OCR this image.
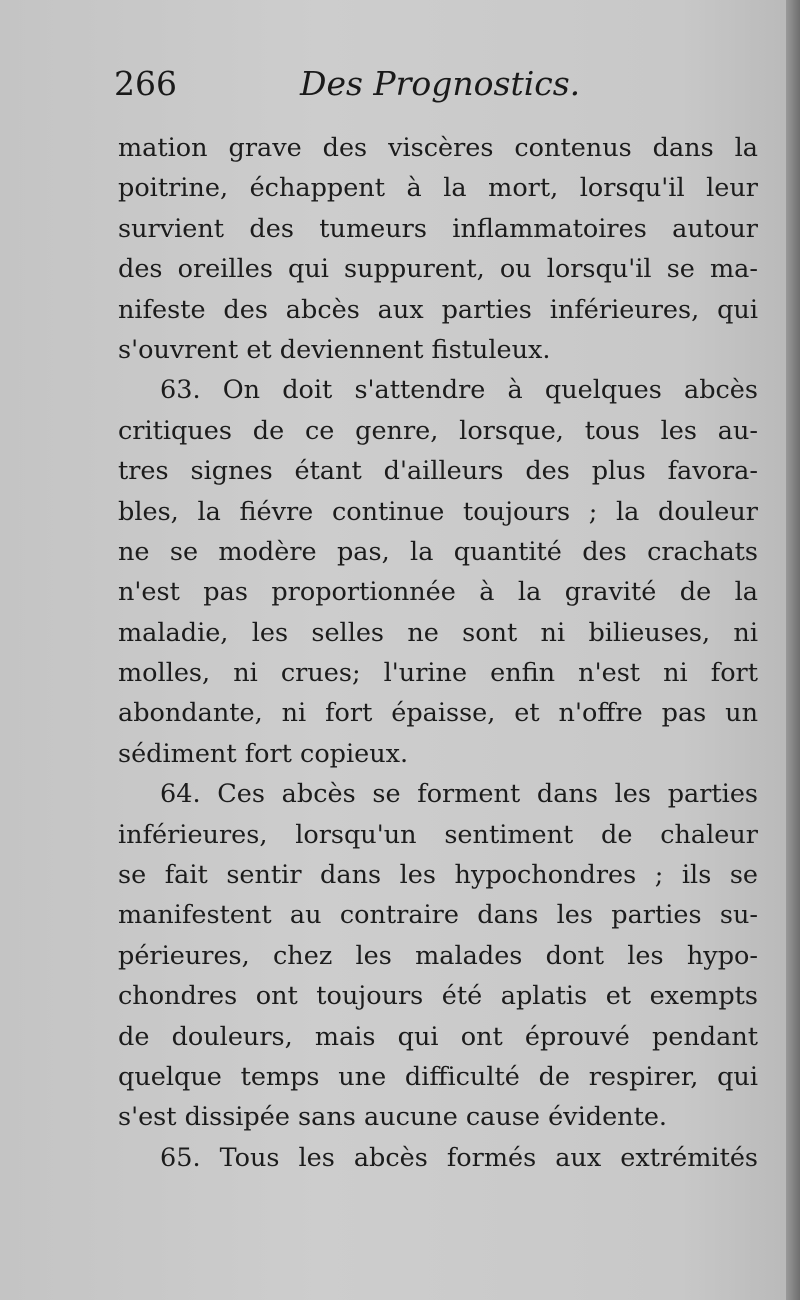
266	Des Prognostics.
mation grave des viscères contenus dans la
poitrine, échappent à la mort, lorsqu'il leur
survient des tumeurs inflammatoires autour
des oreilles qui suppurent, ou lorsqu'il se ma-
nifeste des abcès aux parties inférieures, qui
s'ouvrent et deviennent fistuleux.
63. On doit s'attendre à quelques abcès
critiques de ce genre, lorsque, tous les au-
tres signes étant d'ailleurs des plus favora-
bles, la fiévre continue toujours ; la douleur
ne se modère pas, la quantité des crachats
n'est pas proportionnée à la gravité de la
maladie, les selles ne sont ni bilieuses, ni
molles, ni crues; l'urine enfin n'est ni fort
abondante, ni fort épaisse, et n'offre pas un
sédiment fort copieux.
64. Ces abcès se forment dans les parties
inférieures, lorsqu'un sentiment de chaleur
se fait sentir dans les hypochondres ; ils se
manifestent au contraire dans les parties su-
périeures, chez les malades dont les hypo-
chondres ont toujours été aplatis et exempts
de douleurs, mais qui ont éprouvé pendant
quelque temps une difficulté de respirer, qui
s'est dissipée sans aucune cause évidente.
65. Tous les abcès formés aux extrémités
